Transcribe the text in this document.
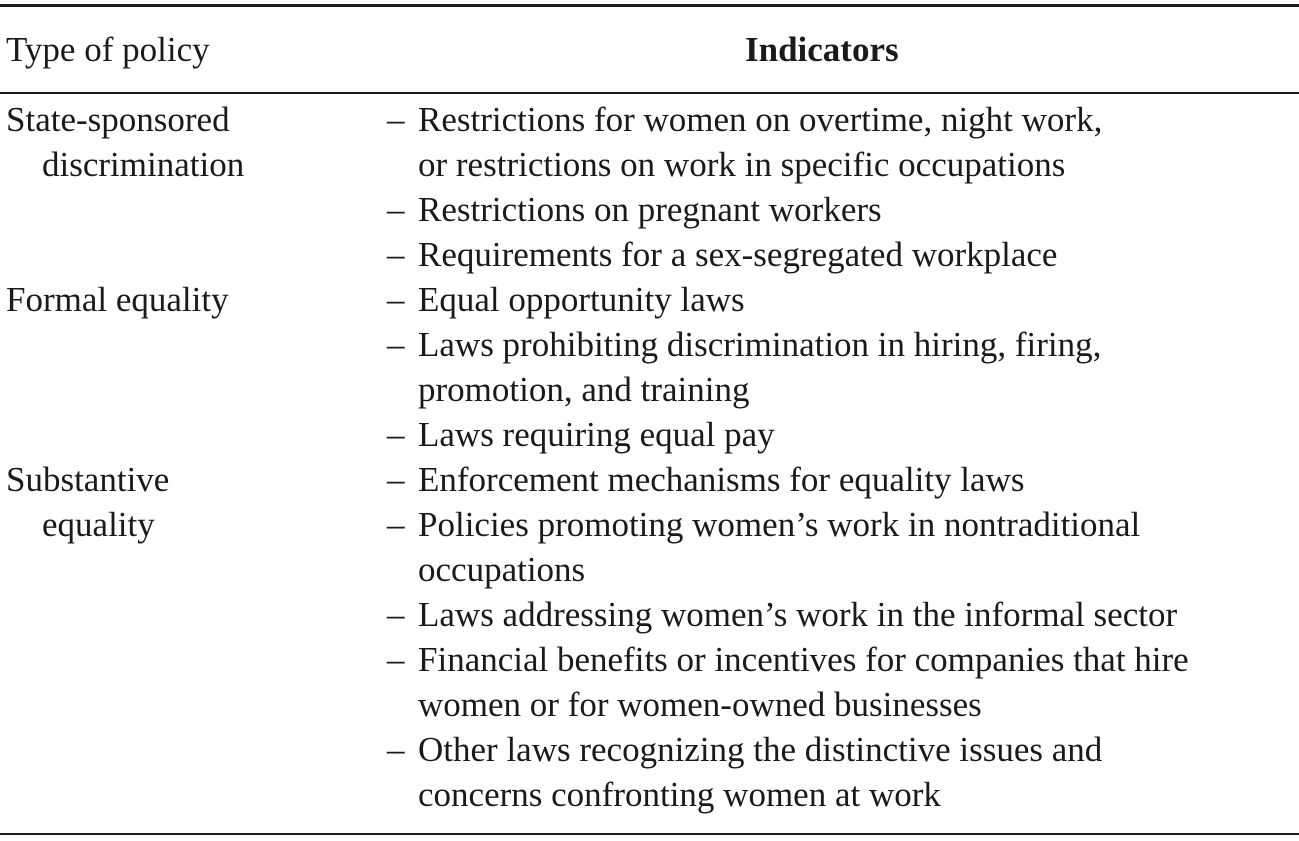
Type of policy	Indicators
State-sponsored
discrimination
– Restrictions for women on overtime, night work,
or restrictions on work in specific occupations
– Restrictions on pregnant workers
– Requirements for a sex-segregated workplace
Formal equality	– Equal opportunity laws
– Laws prohibiting discrimination in hiring, firing,
promotion, and training
– Laws requiring equal pay
Substantive
equality
– Enforcement mechanisms for equality laws
– Policies promoting women’s work in nontraditional
occupations
– Laws addressing women’s work in the informal sector
– Financial benefits or incentives for companies that hire
women or for women-owned businesses
– Other laws recognizing the distinctive issues and
concerns confronting women at work
